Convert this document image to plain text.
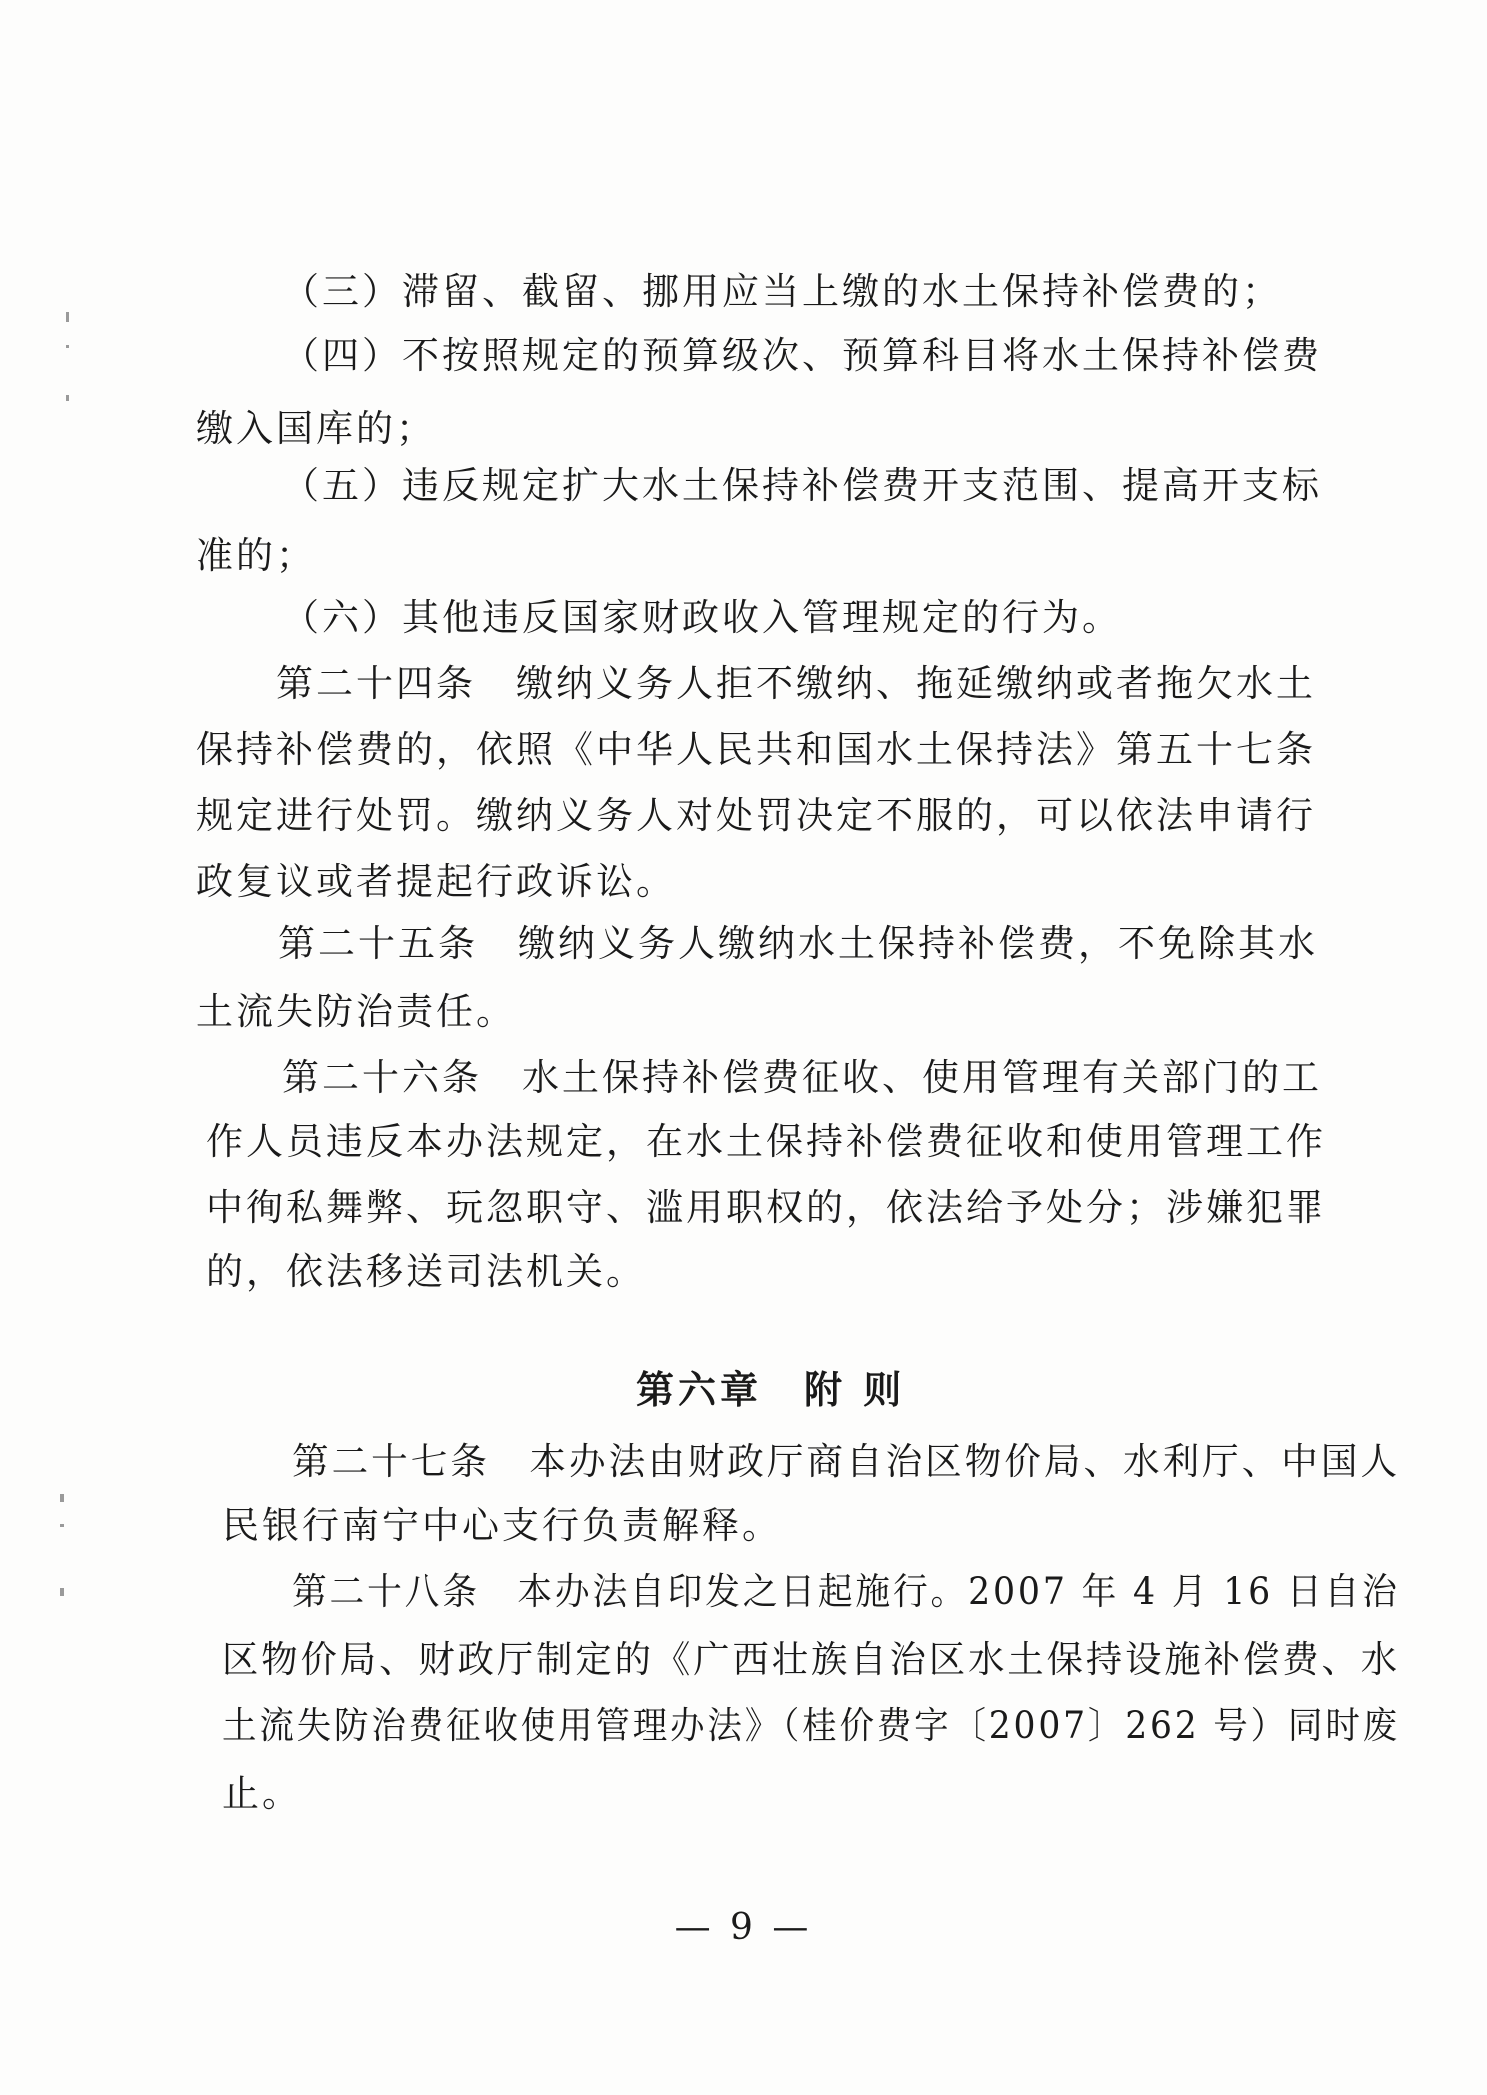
（三）滞留、截留、挪用应当上缴的水土保持补偿费的；
（四）不按照规定的预算级次、预算科目将水土保持补偿费
缴入国库的；
（五）违反规定扩大水土保持补偿费开支范围、提高开支标
准的；
（六）其他违反国家财政收入管理规定的行为。
第二十四条　缴纳义务人拒不缴纳、拖延缴纳或者拖欠水土
保持补偿费的，依照《中华人民共和国水土保持法》第五十七条
规定进行处罚。缴纳义务人对处罚决定不服的，可以依法申请行
政复议或者提起行政诉讼。
第二十五条　缴纳义务人缴纳水土保持补偿费，不免除其水
土流失防治责任。
第二十六条　水土保持补偿费征收、使用管理有关部门的工
作人员违反本办法规定，在水土保持补偿费征收和使用管理工作
中徇私舞弊、玩忽职守、滥用职权的，依法给予处分；涉嫌犯罪
的，依法移送司法机关。
第六章　附 则
第二十七条　本办法由财政厅商自治区物价局、水利厅、中国人
民银行南宁中心支行负责解释。
第二十八条　本办法自印发之日起施行。2007 年 4 月 16 日自治
区物价局、财政厅制定的《广西壮族自治区水土保持设施补偿费、水
土流失防治费征收使用管理办法》（桂价费字〔2007〕262 号）同时废
止。
— 9 —
